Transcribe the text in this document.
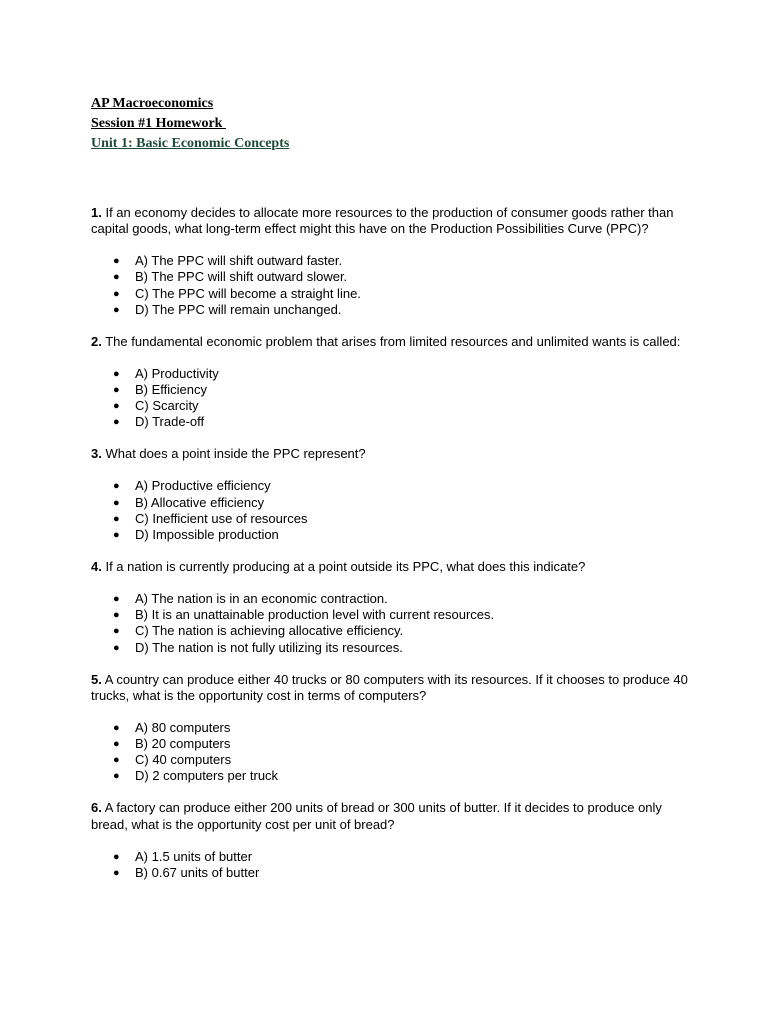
AP Macroeconomics
Session #1 Homework
Unit 1: Basic Economic Concepts

1. If an economy decides to allocate more resources to the production of consumer goods rather than capital goods, what long-term effect might this have on the Production Possibilities Curve (PPC)?

● A) The PPC will shift outward faster.
● B) The PPC will shift outward slower.
● C) The PPC will become a straight line.
● D) The PPC will remain unchanged.

2. The fundamental economic problem that arises from limited resources and unlimited wants is called:

● A) Productivity
● B) Efficiency
● C) Scarcity
● D) Trade-off

3. What does a point inside the PPC represent?

● A) Productive efficiency
● B) Allocative efficiency
● C) Inefficient use of resources
● D) Impossible production

4. If a nation is currently producing at a point outside its PPC, what does this indicate?

● A) The nation is in an economic contraction.
● B) It is an unattainable production level with current resources.
● C) The nation is achieving allocative efficiency.
● D) The nation is not fully utilizing its resources.

5. A country can produce either 40 trucks or 80 computers with its resources. If it chooses to produce 40 trucks, what is the opportunity cost in terms of computers?

● A) 80 computers
● B) 20 computers
● C) 40 computers
● D) 2 computers per truck

6. A factory can produce either 200 units of bread or 300 units of butter. If it decides to produce only bread, what is the opportunity cost per unit of bread?

● A) 1.5 units of butter
● B) 0.67 units of butter
